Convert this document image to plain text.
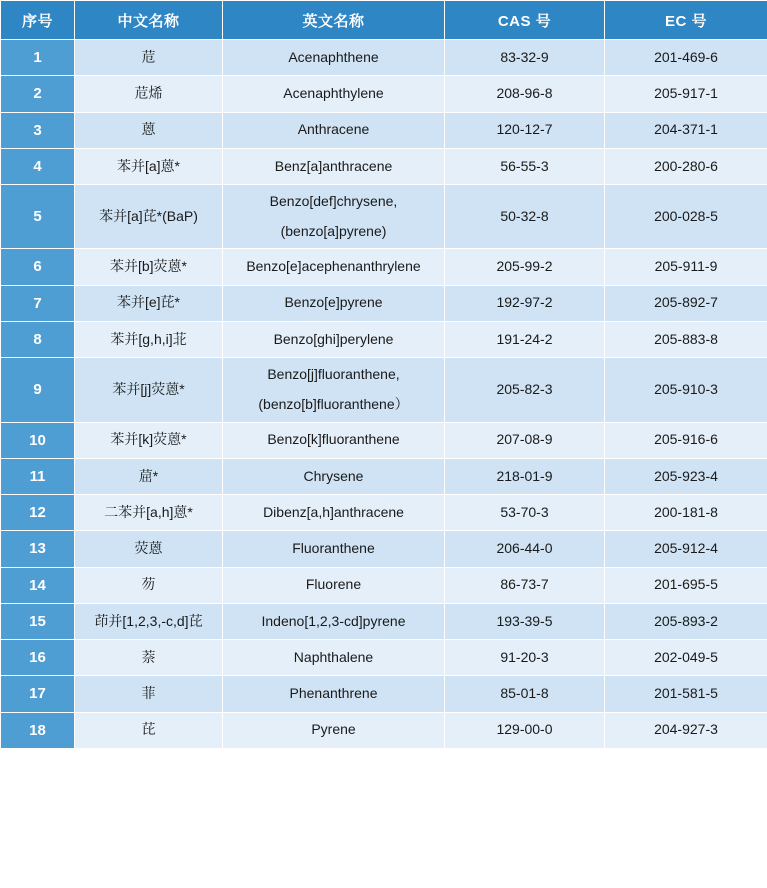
序号	中文名称	英文名称	CAS 号	EC 号
1	苊	Acenaphthene	83-32-9	201-469-6
2	苊烯	Acenaphthylene	208-96-8	205-917-1
3	蒽	Anthracene	120-12-7	204-371-1
4	苯并[a]蒽*	Benz[a]anthracene	56-55-3	200-280-6
5	苯并[a]芘*(BaP)	Benzo[def]chrysene,
(benzo[a]pyrene)	50-32-8	200-028-5
6	苯并[b]荧蒽*	Benzo[e]acephenanthrylene	205-99-2	205-911-9
7	苯并[e]芘*	Benzo[e]pyrene	192-97-2	205-892-7
8	苯并[g,h,i]苝	Benzo[ghi]perylene	191-24-2	205-883-8
9	苯并[j]荧蒽*	Benzo[j]fluoranthene,
(benzo[b]fluoranthene）	205-82-3	205-910-3
10	苯并[k]荧蒽*	Benzo[k]fluoranthene	207-08-9	205-916-6
11	䓛*	Chrysene	218-01-9	205-923-4
12	二苯并[a,h]蒽*	Dibenz[a,h]anthracene	53-70-3	200-181-8
13	荧蒽	Fluoranthene	206-44-0	205-912-4
14	芴	Fluorene	86-73-7	201-695-5
15	茚并[1,2,3,-c,d]芘	Indeno[1,2,3-cd]pyrene	193-39-5	205-893-2
16	萘	Naphthalene	91-20-3	202-049-5
17	菲	Phenanthrene	85-01-8	201-581-5
18	芘	Pyrene	129-00-0	204-927-3
